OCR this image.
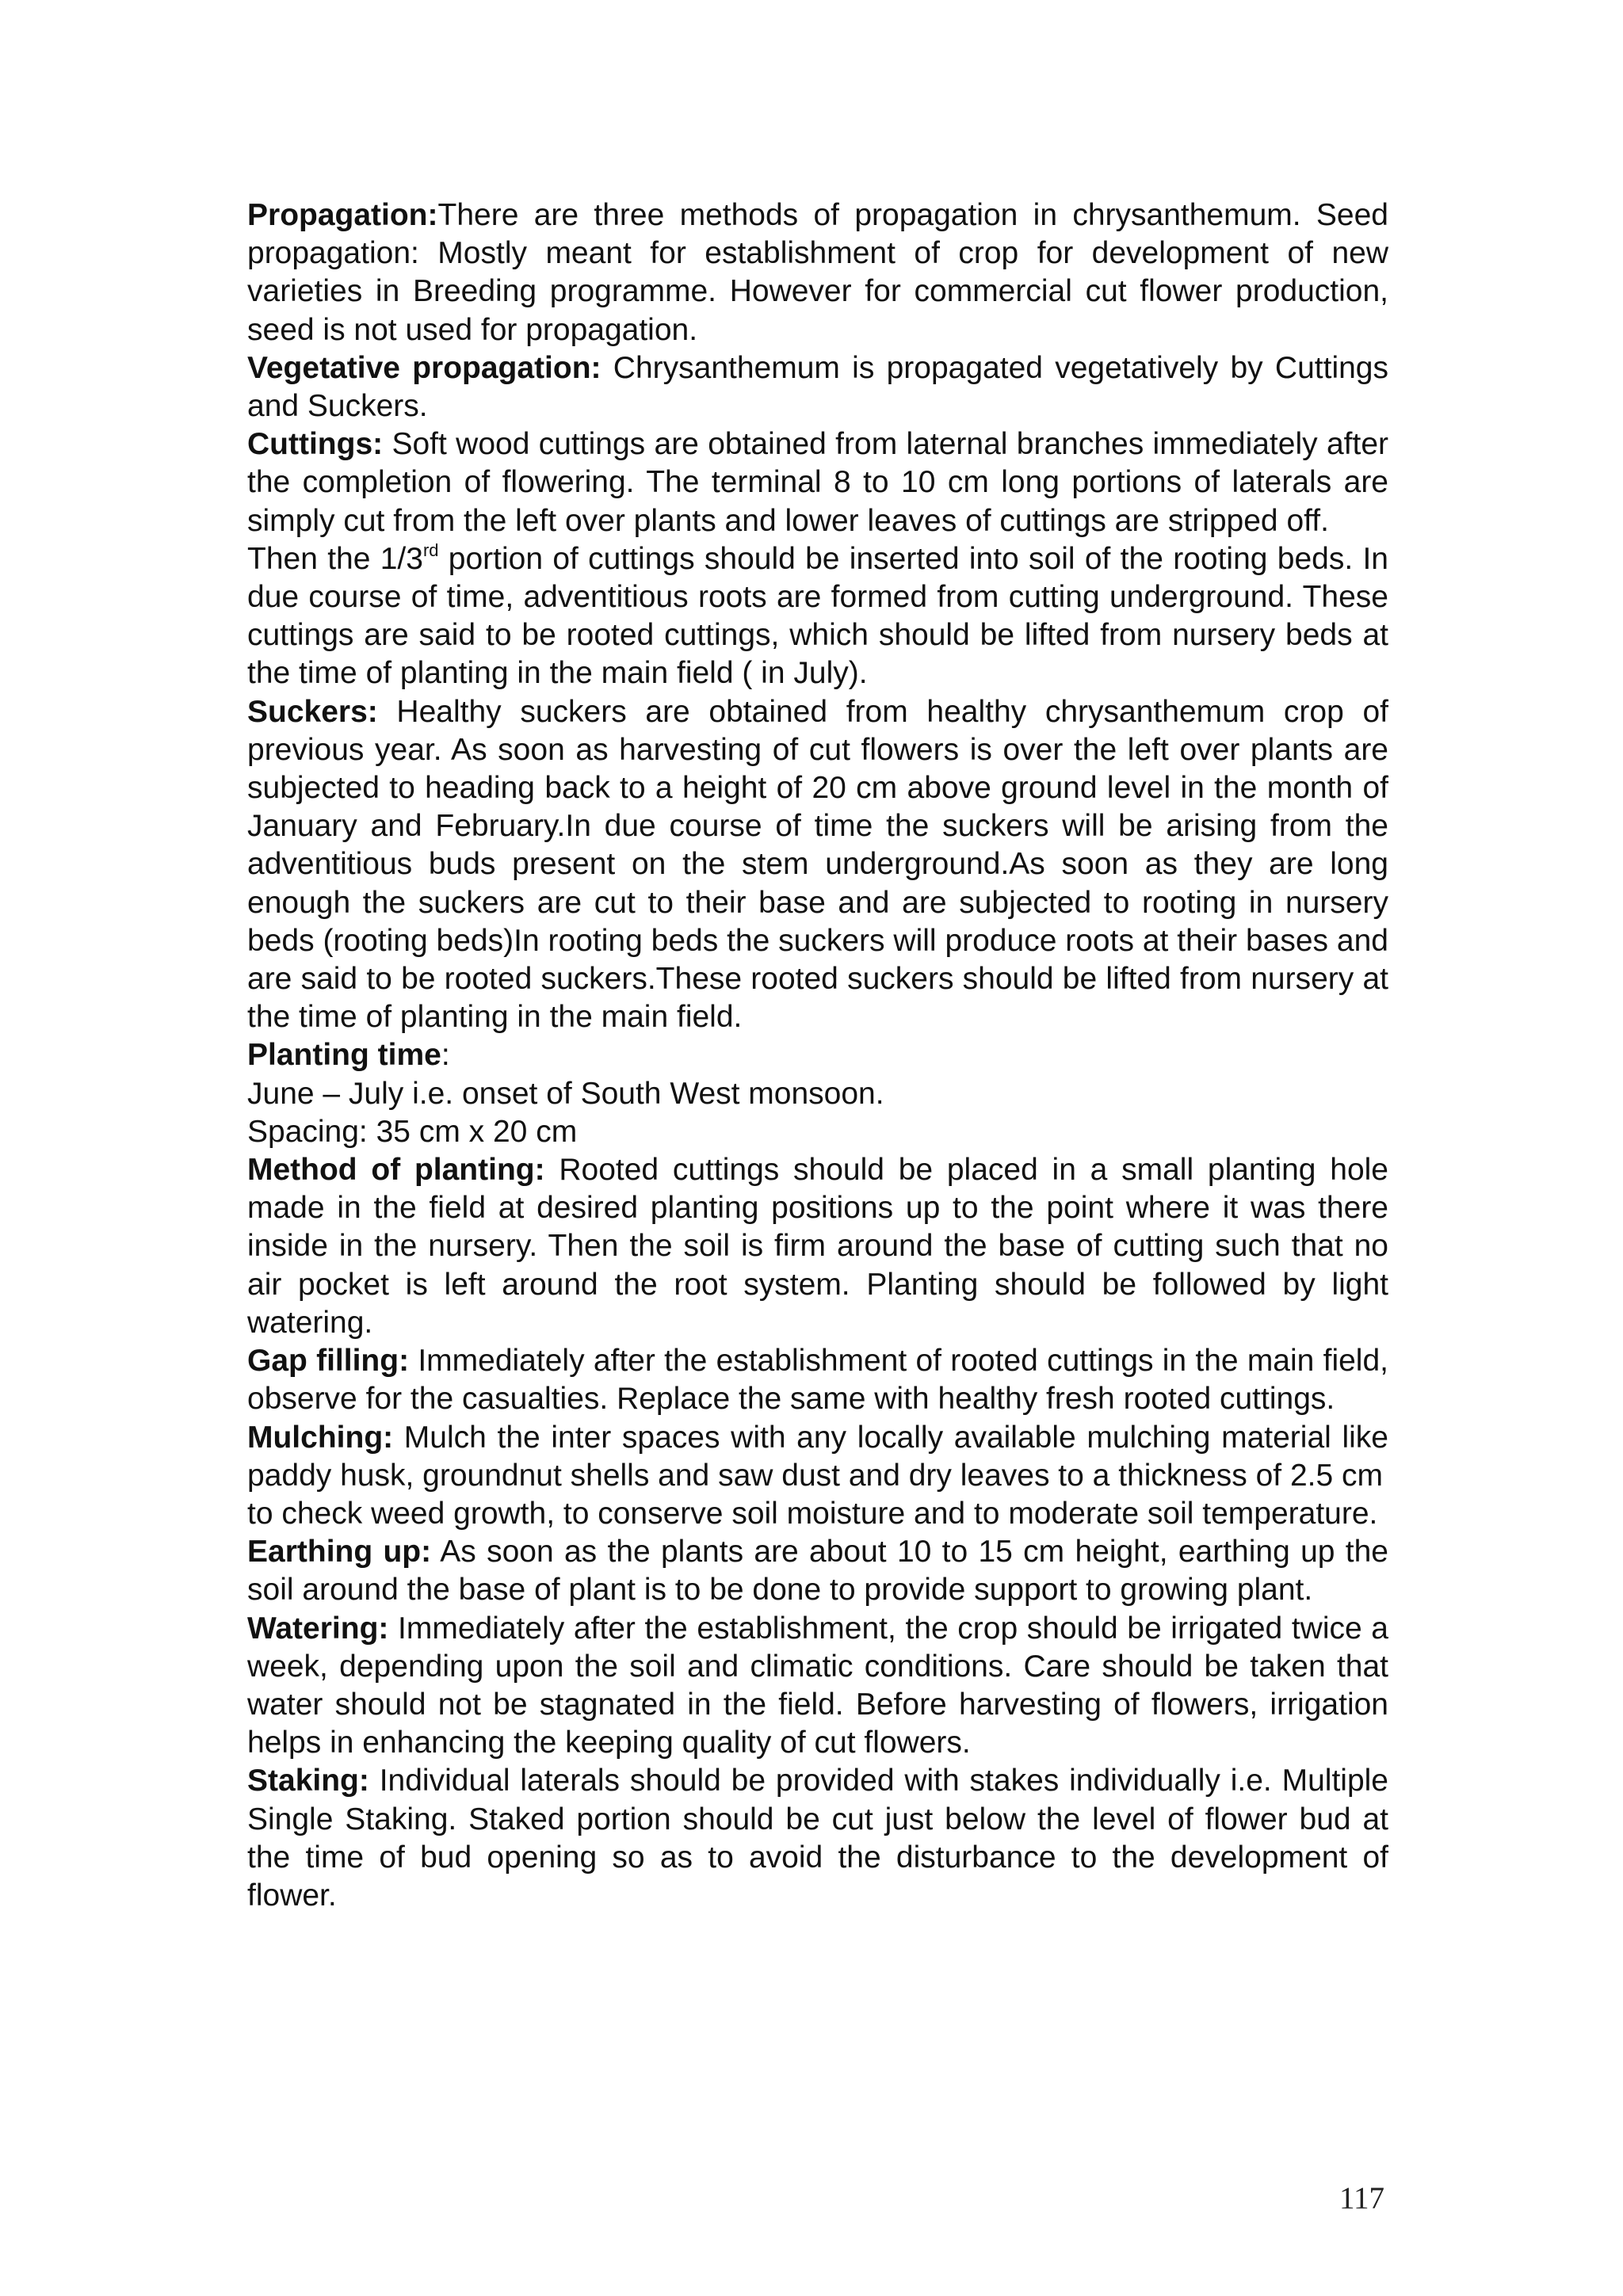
Propagation:There are three methods of propagation in chrysanthemum. Seed propagation: Mostly meant for establishment of crop for development of new varieties in Breeding programme. However for commercial cut flower production, seed is not used for propagation.

Vegetative propagation: Chrysanthemum is propagated vegetatively by Cuttings and Suckers.

Cuttings: Soft wood cuttings are obtained from laternal branches immediately after the completion of flowering. The terminal 8 to 10 cm long portions of laterals are simply cut from the left over plants and lower leaves of cuttings are stripped off.

Then the 1/3rd portion of cuttings should be inserted into soil of the rooting beds. In due course of time, adventitious roots are formed from cutting underground. These cuttings are said to be rooted cuttings, which should be lifted from nursery beds at the time of planting in the main field ( in July).

Suckers: Healthy suckers are obtained from healthy chrysanthemum crop of previous year. As soon as harvesting of cut flowers is over the left over plants are subjected to heading back to a height of 20 cm above ground level in the month of January and February.In due course of time the suckers will be arising from the adventitious buds present on the stem underground.As soon as they are long enough the suckers are cut to their base and are subjected to rooting in nursery beds (rooting beds)In rooting beds the suckers will produce roots at their bases and are said to be rooted suckers.These rooted suckers should be lifted from nursery at the time of planting in the main field.

Planting time:

June – July i.e. onset of South West monsoon.

Spacing: 35 cm x 20 cm

Method of planting: Rooted cuttings should be placed in a small planting hole made in the field at desired planting positions up to the point where it was there inside in the nursery. Then the soil is firm around the base of cutting such that no air pocket is left around the root system. Planting should be followed by light watering.

Gap filling: Immediately after the establishment of rooted cuttings in the main field, observe for the casualties. Replace the same with healthy fresh rooted cuttings.

Mulching: Mulch the inter spaces with any locally available mulching material like paddy husk, groundnut shells and saw dust and dry leaves to a thickness of 2.5 cm

to check weed growth, to conserve soil moisture and to moderate soil temperature.

Earthing up: As soon as the plants are about 10 to 15 cm height, earthing up the soil around the base of plant is to be done to provide support to growing plant.

Watering: Immediately after the establishment, the crop should be irrigated twice a week, depending upon the soil and climatic conditions. Care should be taken that water should not be stagnated in the field. Before harvesting of flowers, irrigation helps in enhancing the keeping quality of cut flowers.

Staking: Individual laterals should be provided with stakes individually i.e. Multiple Single Staking. Staked portion should be cut just below the level of flower bud at the time of bud opening so as to avoid the disturbance to the development of flower.

117
